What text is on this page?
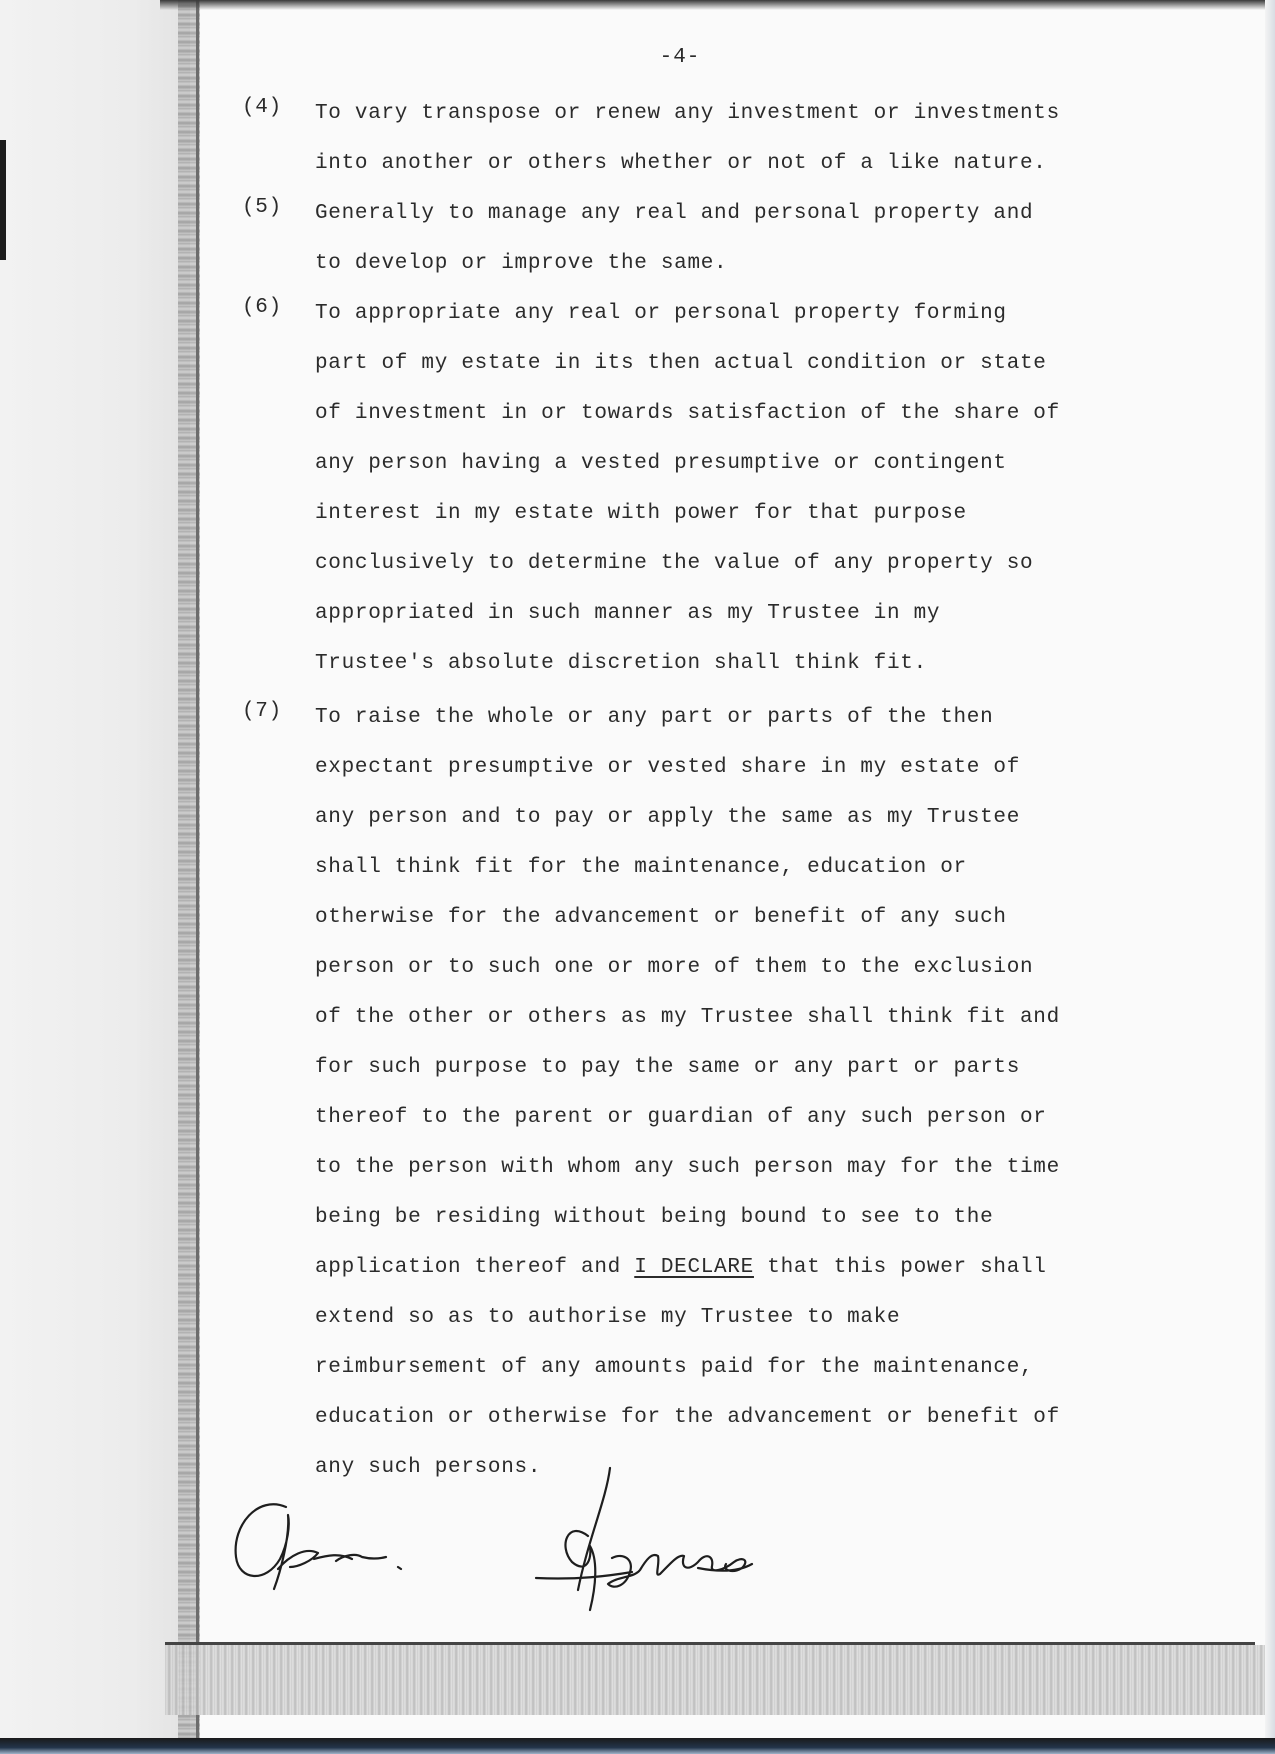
-4-
(4) To vary transpose or renew any investment or investments
into another or others whether or not of a like nature.
(5) Generally to manage any real and personal property and
to develop or improve the same.
(6) To appropriate any real or personal property forming
part of my estate in its then actual condition or state
of investment in or towards satisfaction of the share of
any person having a vested presumptive or contingent
interest in my estate with power for that purpose
conclusively to determine the value of any property so
appropriated in such manner as my Trustee in my
Trustee's absolute discretion shall think fit.
(7) To raise the whole or any part or parts of the then
expectant presumptive or vested share in my estate of
any person and to pay or apply the same as my Trustee
shall think fit for the maintenance, education or
otherwise for the advancement or benefit of any such
person or to such one or more of them to the exclusion
of the other or others as my Trustee shall think fit and
for such purpose to pay the same or any part or parts
thereof to the parent or guardian of any such person or
to the person with whom any such person may for the time
being be residing without being bound to see to the
application thereof and I DECLARE that this power shall
extend so as to authorise my Trustee to make
reimbursement of any amounts paid for the maintenance,
education or otherwise for the advancement or benefit of
any such persons.
